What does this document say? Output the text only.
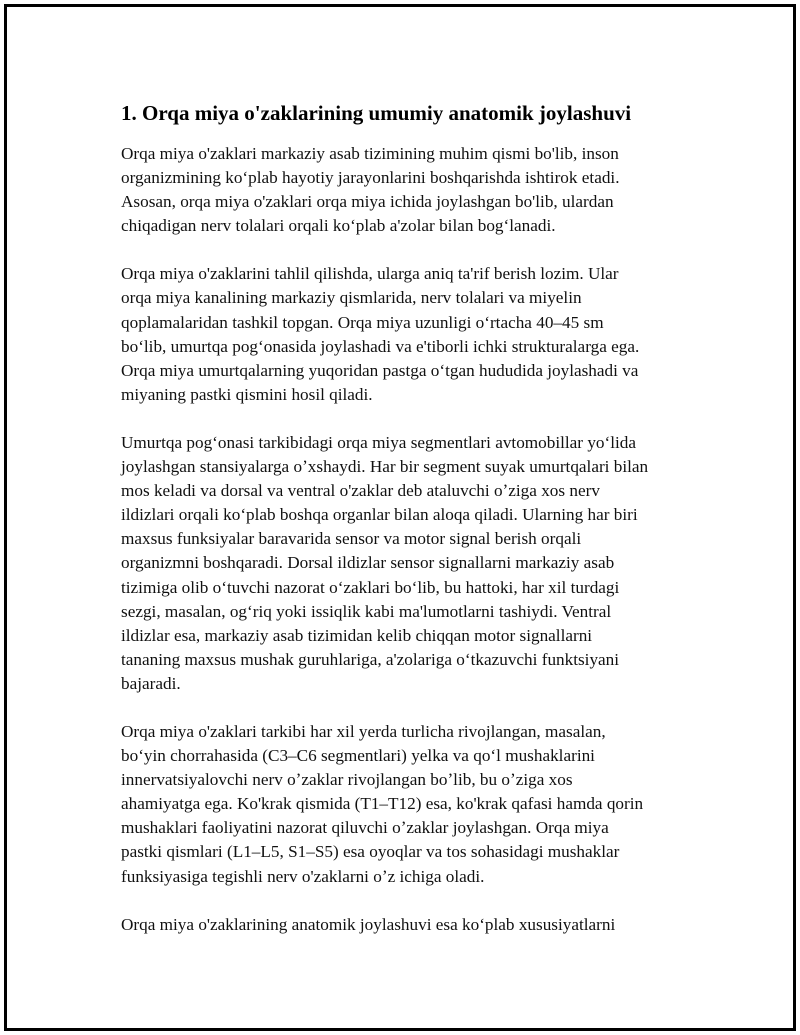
1. Orqa miya o'zaklarining umumiy anatomik joylashuvi

Orqa miya o'zaklari markaziy asab tizimining muhim qismi bo'lib, inson
organizmining koʻplab hayotiy jarayonlarini boshqarishda ishtirok etadi.
Asosan, orqa miya o'zaklari orqa miya ichida joylashgan bo'lib, ulardan
chiqadigan nerv tolalari orqali koʻplab a'zolar bilan bogʻlanadi.

Orqa miya o'zaklarini tahlil qilishda, ularga aniq ta'rif berish lozim. Ular
orqa miya kanalining markaziy qismlarida, nerv tolalari va miyelin
qoplamalaridan tashkil topgan. Orqa miya uzunligi oʻrtacha 40–45 sm
boʻlib, umurtqa pogʻonasida joylashadi va e'tiborli ichki strukturalarga ega.
Orqa miya umurtqalarning yuqoridan pastga oʻtgan hududida joylashadi va
miyaning pastki qismini hosil qiladi.

Umurtqa pogʻonasi tarkibidagi orqa miya segmentlari avtomobillar yoʻlida
joylashgan stansiyalarga oʼxshaydi. Har bir segment suyak umurtqalari bilan
mos keladi va dorsal va ventral o'zaklar deb ataluvchi oʼziga xos nerv
ildizlari orqali koʻplab boshqa organlar bilan aloqa qiladi. Ularning har biri
maxsus funksiyalar baravarida sensor va motor signal berish orqali
organizmni boshqaradi. Dorsal ildizlar sensor signallarni markaziy asab
tizimiga olib oʻtuvchi nazorat oʻzaklari boʻlib, bu hattoki, har xil turdagi
sezgi, masalan, ogʻriq yoki issiqlik kabi ma'lumotlarni tashiydi. Ventral
ildizlar esa, markaziy asab tizimidan kelib chiqqan motor signallarni
tananing maxsus mushak guruhlariga, a'zolariga oʻtkazuvchi funktsiyani
bajaradi.

Orqa miya o'zaklari tarkibi har xil yerda turlicha rivojlangan, masalan,
boʻyin chorrahasida (C3–C6 segmentlari) yelka va qoʻl mushaklarini
innervatsiyalovchi nerv oʼzaklar rivojlangan boʼlib, bu oʼziga xos
ahamiyatga ega. Ko'krak qismida (T1–T12) esa, ko'krak qafasi hamda qorin
mushaklari faoliyatini nazorat qiluvchi oʼzaklar joylashgan. Orqa miya
pastki qismlari (L1–L5, S1–S5) esa oyoqlar va tos sohasidagi mushaklar
funksiyasiga tegishli nerv o'zaklarni oʼz ichiga oladi.

Orqa miya o'zaklarining anatomik joylashuvi esa koʻplab xususiyatlarni
